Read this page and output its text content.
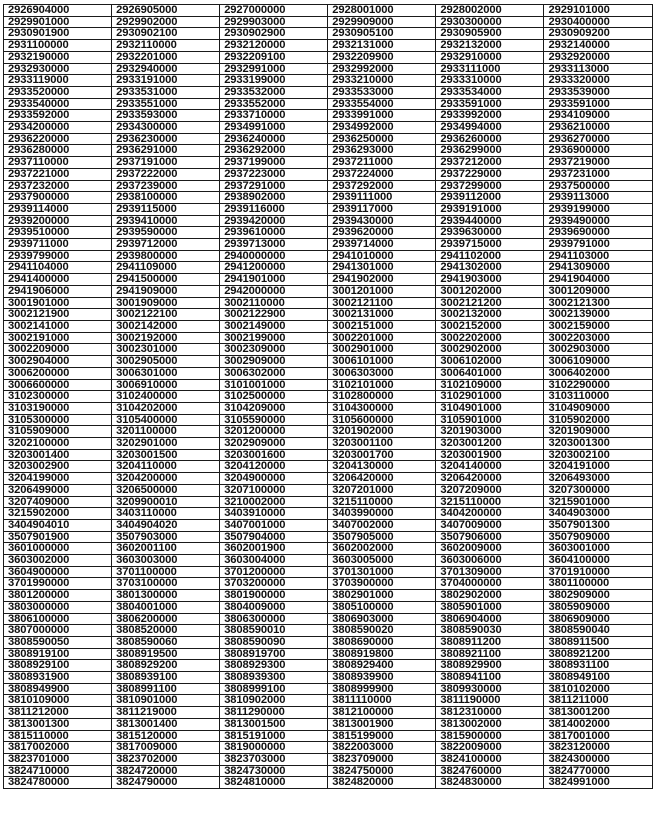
2926904000	2926905000	2927000000	2928001000	2928002000	2929101000
2929901000	2929902000	2929903000	2929909000	2930300000	2930400000
2930901900	2930902100	2930902900	2930905100	2930905900	2930909200
2931100000	2932110000	2932120000	2932131000	2932132000	2932140000
2932190000	2932201000	2932209100	2932209900	2932910000	2932920000
2932930000	2932940000	2932991000	2932992000	2933111000	2933113000
2933119000	2933191000	2933199000	2933210000	2933310000	2933320000
2933520000	2933531000	2933532000	2933533000	2933534000	2933539000
2933540000	2933551000	2933552000	2933554000	2933591000	2933591000
2933592000	2933593000	2933710000	2933991000	2933992000	2934109000
2934200000	2934300000	2934991000	2934992000	2934994000	2936210000
2936220000	2936230000	2936240000	2936250000	2936260000	2936270000
2936280000	2936291000	2936292000	2936293000	2936299000	2936900000
2937110000	2937191000	2937199000	2937211000	2937212000	2937219000
2937221000	2937222000	2937223000	2937224000	2937229000	2937231000
2937232000	2937239000	2937291000	2937292000	2937299000	2937500000
2937900000	2938100000	2938902000	2939111000	2939112000	2939113000
2939114000	2939115000	2939116000	2939117000	2939191000	2939199000
2939200000	2939410000	2939420000	2939430000	2939440000	2939490000
2939510000	2939590000	2939610000	2939620000	2939630000	2939690000
2939711000	2939712000	2939713000	2939714000	2939715000	2939791000
2939799000	2939800000	2940000000	2941010000	2941102000	2941103000
2941104000	2941109000	2941200000	2941301000	2941302000	2941309000
2941400000	2941500000	2941901000	2941902000	2941903000	2941904000
2941906000	2941909000	2942000000	3001201000	3001202000	3001209000
3001901000	3001909000	3002110000	3002121100	3002121200	3002121300
3002121900	3002122100	3002122900	3002131000	3002132000	3002139000
3002141000	3002142000	3002149000	3002151000	3002152000	3002159000
3002191000	3002192000	3002199000	3002201000	3002202000	3002203000
3002209000	3002301000	3002309000	3002901000	3002902000	3002903000
3002904000	3002905000	3002909000	3006101000	3006102000	3006109000
3006200000	3006301000	3006302000	3006303000	3006401000	3006402000
3006600000	3006910000	3101001000	3102101000	3102109000	3102290000
3102300000	3102400000	3102500000	3102800000	3102901000	3103110000
3103190000	3104202000	3104209000	3104300000	3104901000	3104909000
3105300000	3105400000	3105590000	3105600000	3105901000	3105902000
3105909000	3201100000	3201200000	3201902000	3201903000	3201909000
3202100000	3202901000	3202909000	3203001100	3203001200	3203001300
3203001400	3203001500	3203001600	3203001700	3203001900	3203002100
3203002900	3204110000	3204120000	3204130000	3204140000	3204191000
3204199000	3204200000	3204900000	3206420000	3206420000	3206493000
3206499000	3206500000	3207100000	3207201000	3207209000	3207300000
3207409000	3209900010	3210002000	3215110000	3215110000	3215901000
3215902000	3403110000	3403910000	3403990000	3404200000	3404903000
3404904010	3404904020	3407001000	3407002000	3407009000	3507901300
3507901900	3507903000	3507904000	3507905000	3507906000	3507909000
3601000000	3602001100	3602001900	3602002000	3602009000	3603001000
3603002000	3603003000	3603004000	3603005000	3603006000	3604100000
3604900000	3701100000	3701200000	3701301000	3701309000	3701910000
3701990000	3703100000	3703200000	3703900000	3704000000	3801100000
3801200000	3801300000	3801900000	3802901000	3802902000	3802909000
3803000000	3804001000	3804009000	3805100000	3805901000	3805909000
3806100000	3806200000	3806300000	3806903000	3806904000	3806909000
3807000000	3808520000	3808590010	3808590020	3808590030	3808590040
3808590050	3808590060	3808590090	3808690000	3808911200	3808911500
3808919100	3808919500	3808919700	3808919800	3808921100	3808921200
3808929100	3808929200	3808929300	3808929400	3808929900	3808931100
3808931900	3808939100	3808939300	3808939900	3808941100	3808949100
3808949900	3808991100	3808999100	3808999900	3809930000	3810102000
3810109000	3810901000	3810902000	3811110000	3811190000	3811211000
3811212000	3811219000	3811290000	3812100000	3812310000	3813001200
3813001300	3813001400	3813001500	3813001900	3813002000	3814002000
3815110000	3815120000	3815191000	3815199000	3815900000	3817001000
3817002000	3817009000	3819000000	3822003000	3822009000	3823120000
3823701000	3823702000	3823703000	3823709000	3824100000	3824300000
3824710000	3824720000	3824730000	3824750000	3824760000	3824770000
3824780000	3824790000	3824810000	3824820000	3824830000	3824991000
